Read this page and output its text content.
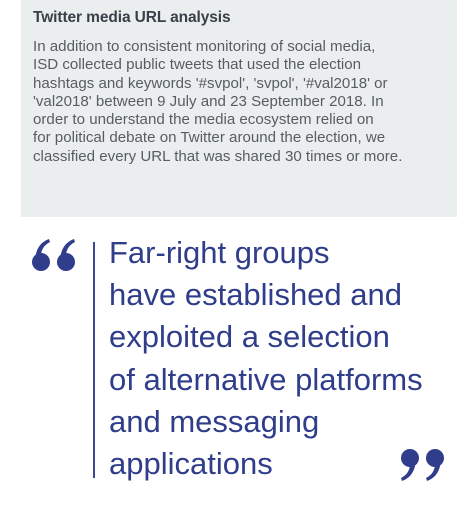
Twitter media URL analysis

In addition to consistent monitoring of social media,
ISD collected public tweets that used the election
hashtags and keywords '#svpol', 'svpol', '#val2018' or
'val2018' between 9 July and 23 September 2018. In
order to understand the media ecosystem relied on
for political debate on Twitter around the election, we
classified every URL that was shared 30 times or more.

Far-right groups
have established and
exploited a selection
of alternative platforms
and messaging
applications
